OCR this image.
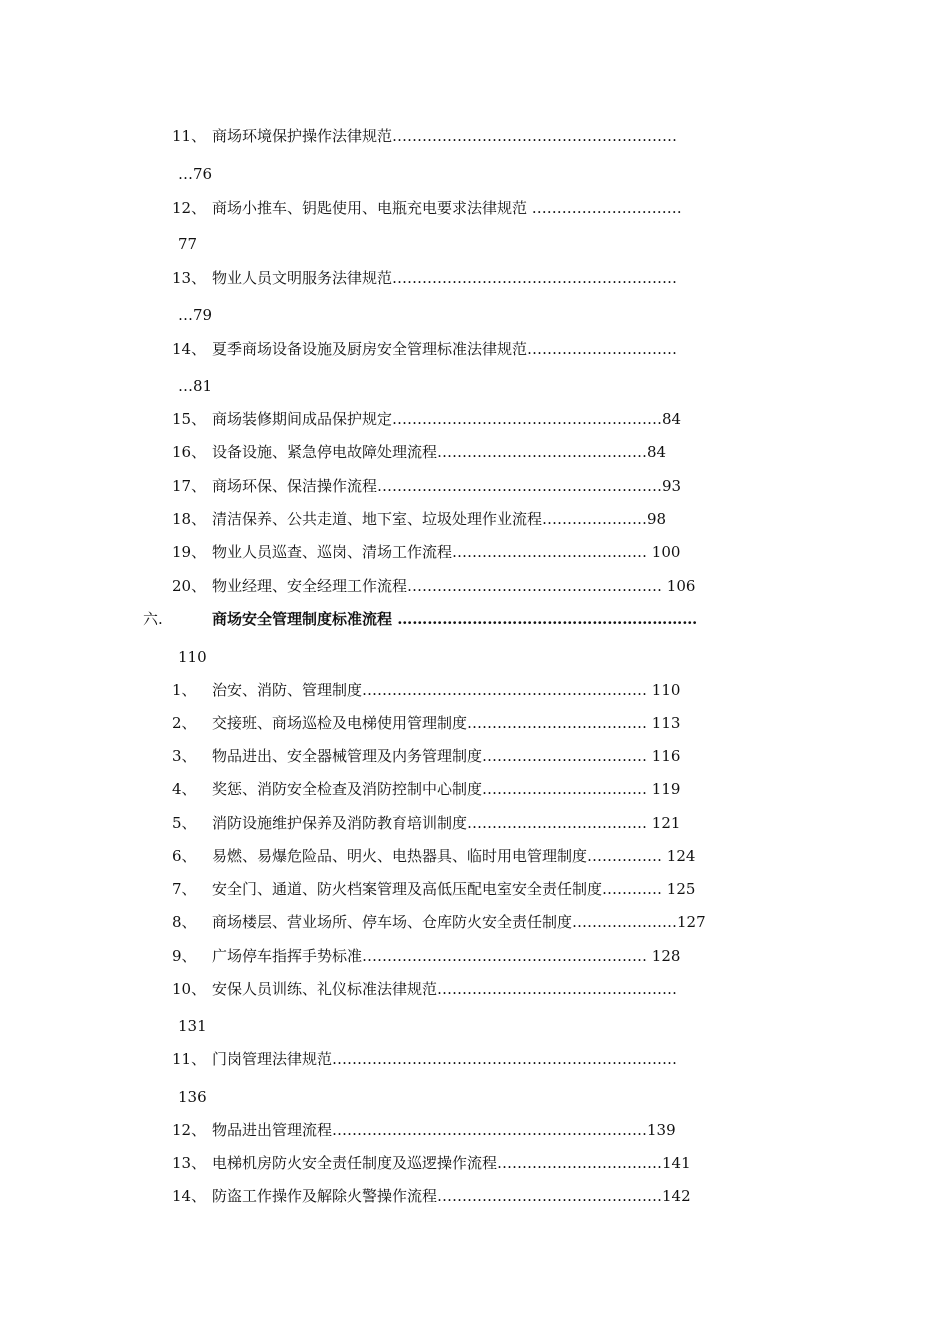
11、 商场环境保护操作法律规范…………………………………………………
…76
12、 商场小推车、钥匙使用、电瓶充电要求法律规范 …………………………
77
13、 物业人员文明服务法律规范…………………………………………………
…79
14、 夏季商场设备设施及厨房安全管理标准法律规范…………………………
…81
15、 商场装修期间成品保护规定………………………………………………84
16、 设备设施、紧急停电故障处理流程……………………………………84
17、 商场环保、保洁操作流程…………………………………………………93
18、 清洁保养、公共走道、地下室、垃圾处理作业流程…………………98
19、 物业人员巡查、巡岗、清场工作流程………………………………… 100
20、 物业经理、安全经理工作流程…………………………………………… 106
六.	商场安全管理制度标准流程 ……………………………………………………
110
1、 治安、消防、管理制度………………………………………………… 110
2、 交接班、商场巡检及电梯使用管理制度……………………………… 113
3、 物品进出、安全器械管理及内务管理制度…………………………… 116
4、 奖惩、消防安全检查及消防控制中心制度…………………………… 119
5、 消防设施维护保养及消防教育培训制度……………………………… 121
6、 易燃、易爆危险品、明火、电热器具、临时用电管理制度…………… 124
7、 安全门、通道、防火档案管理及高低压配电室安全责任制度………… 125
8、 商场楼层、营业场所、停车场、仓库防火安全责任制度…………………127
9、 广场停车指挥手势标准………………………………………………… 128
10、 安保人员训练、礼仪标准法律规范…………………………………………
131
11、 门岗管理法律规范……………………………………………………………
136
12、 物品进出管理流程………………………………………………………139
13、 电梯机房防火安全责任制度及巡逻操作流程……………………………141
14、 防盗工作操作及解除火警操作流程………………………………………142
